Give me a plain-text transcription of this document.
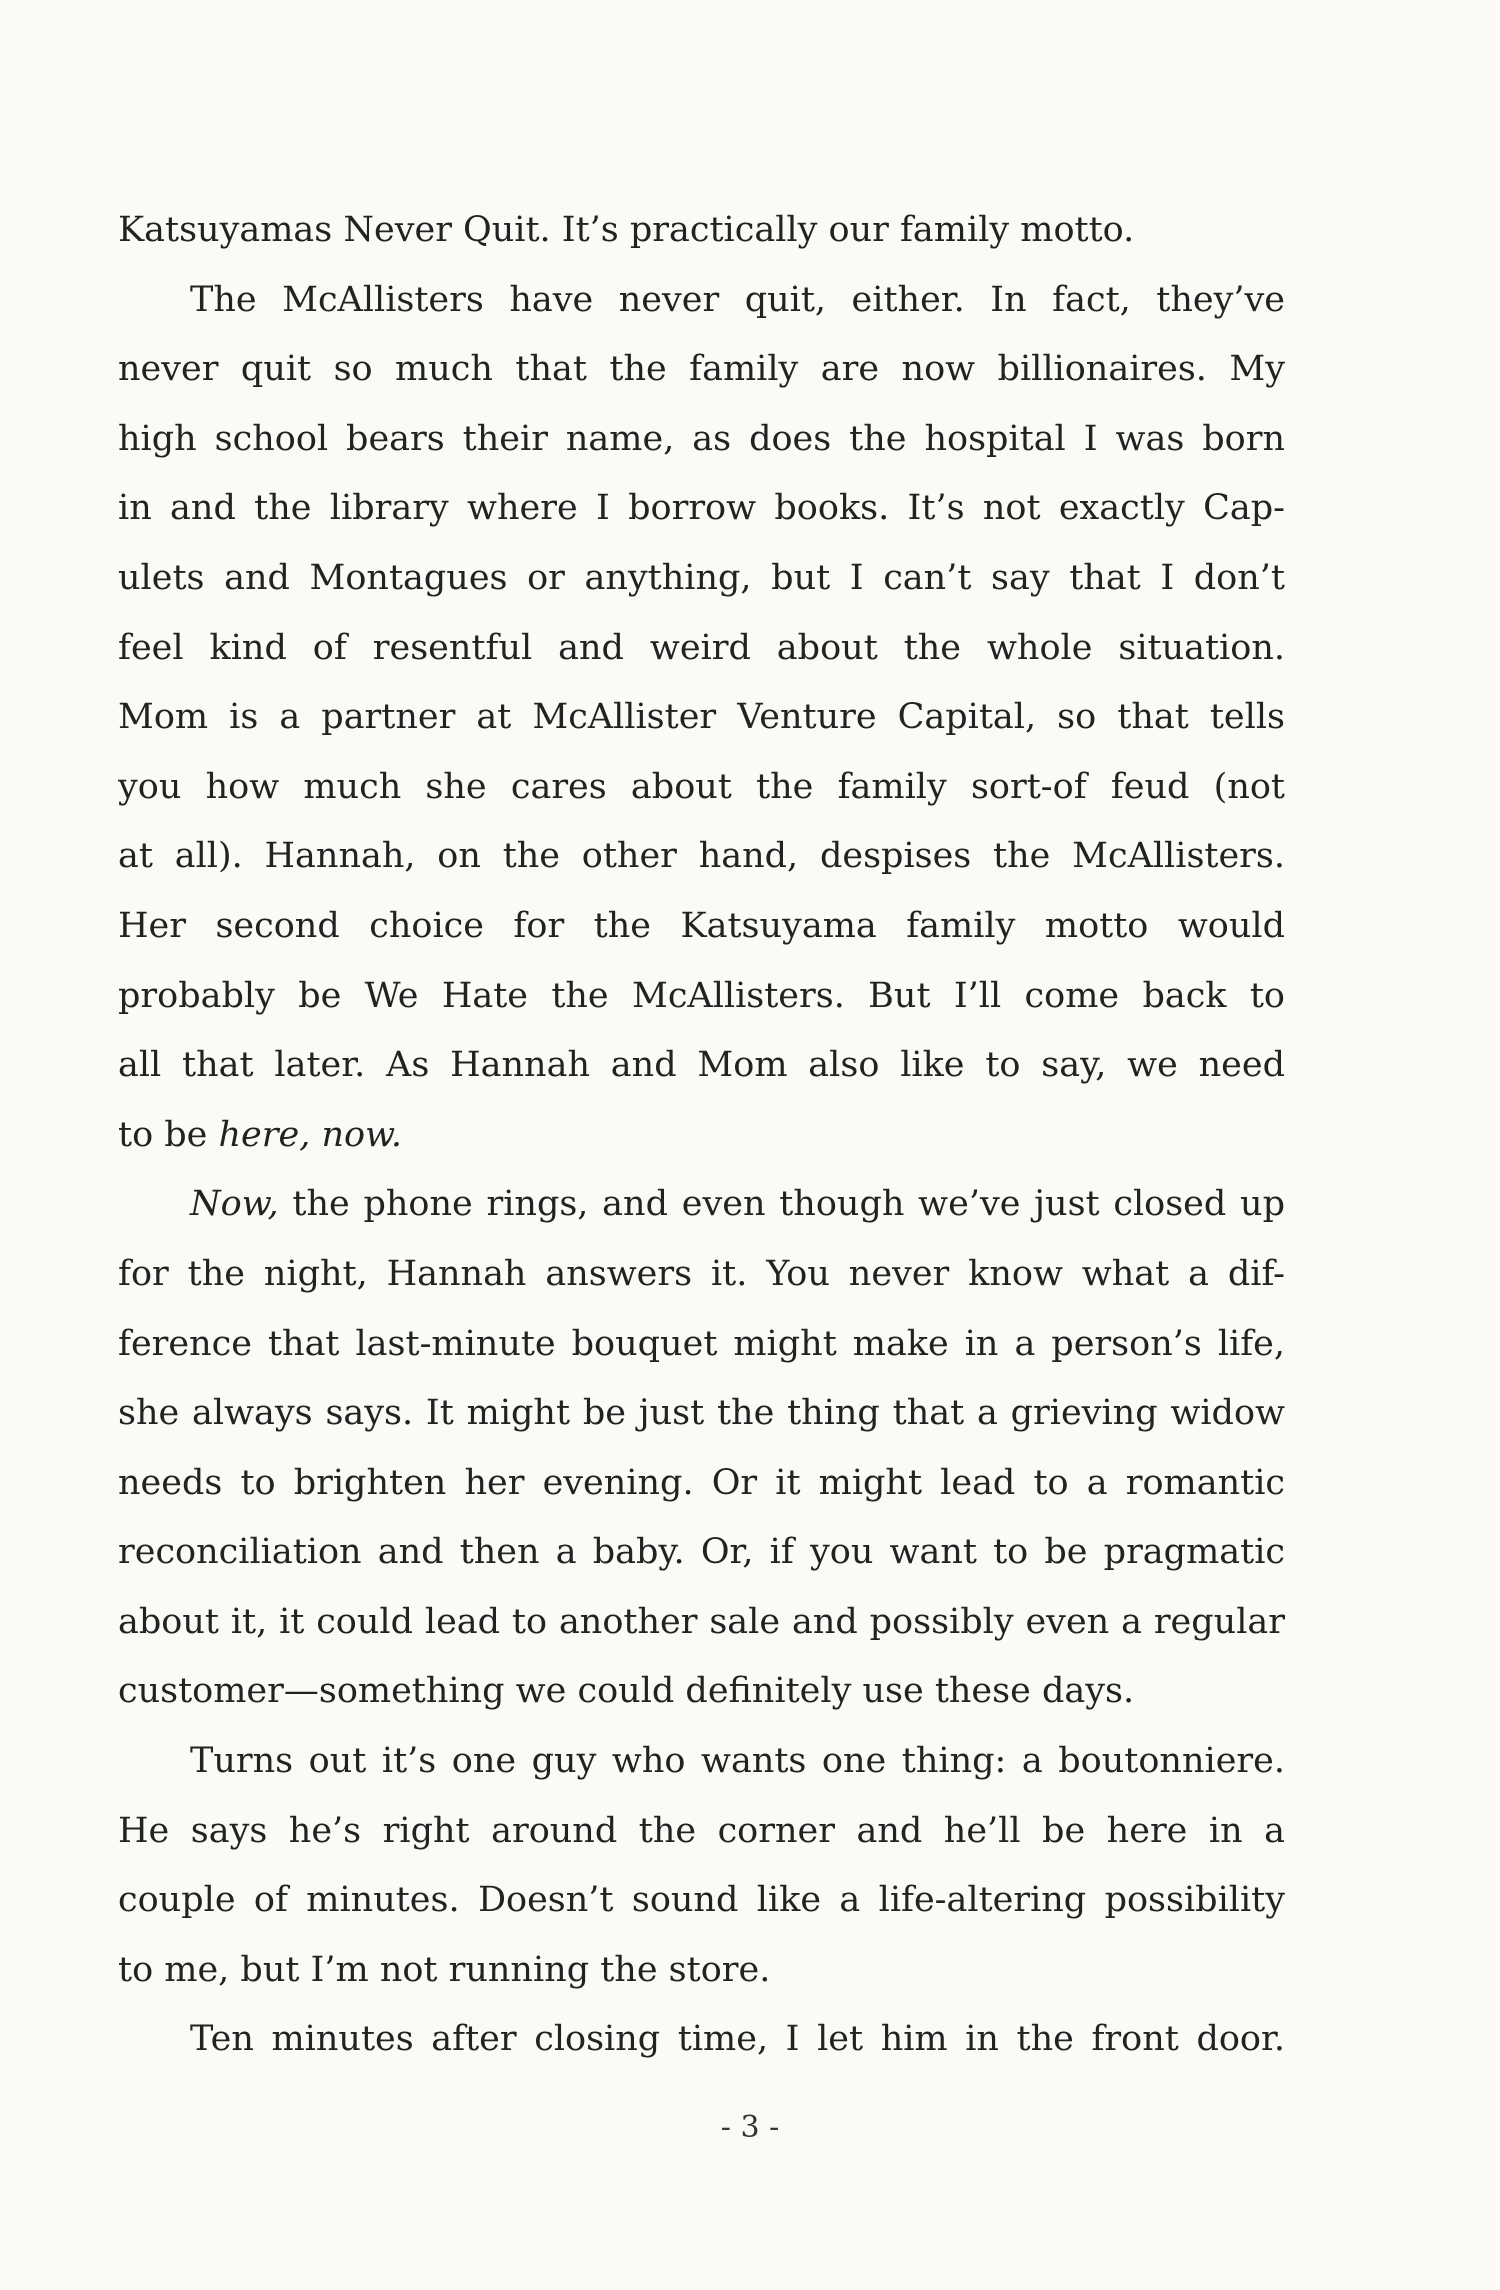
Katsuyamas Never Quit. It’s practically our family motto.
The McAllisters have never quit, either. In fact, they’ve
never quit so much that the family are now billionaires. My
high school bears their name, as does the hospital I was born
in and the library where I borrow books. It’s not exactly Cap-
ulets and Montagues or anything, but I can’t say that I don’t
feel kind of resentful and weird about the whole situation.
Mom is a partner at McAllister Venture Capital, so that tells
you how much she cares about the family sort-of feud (not
at all). Hannah, on the other hand, despises the McAllisters.
Her second choice for the Katsuyama family motto would
probably be We Hate the McAllisters. But I’ll come back to
all that later. As Hannah and Mom also like to say, we need
to be here, now.
Now, the phone rings, and even though we’ve just closed up
for the night, Hannah answers it. You never know what a dif-
ference that last-minute bouquet might make in a person’s life,
she always says. It might be just the thing that a grieving widow
needs to brighten her evening. Or it might lead to a romantic
reconciliation and then a baby. Or, if you want to be pragmatic
about it, it could lead to another sale and possibly even a regular
customer—something we could definitely use these days.
Turns out it’s one guy who wants one thing: a boutonniere.
He says he’s right around the corner and he’ll be here in a
couple of minutes. Doesn’t sound like a life-altering possibility
to me, but I’m not running the store.
Ten minutes after closing time, I let him in the front door.
- 3 -
